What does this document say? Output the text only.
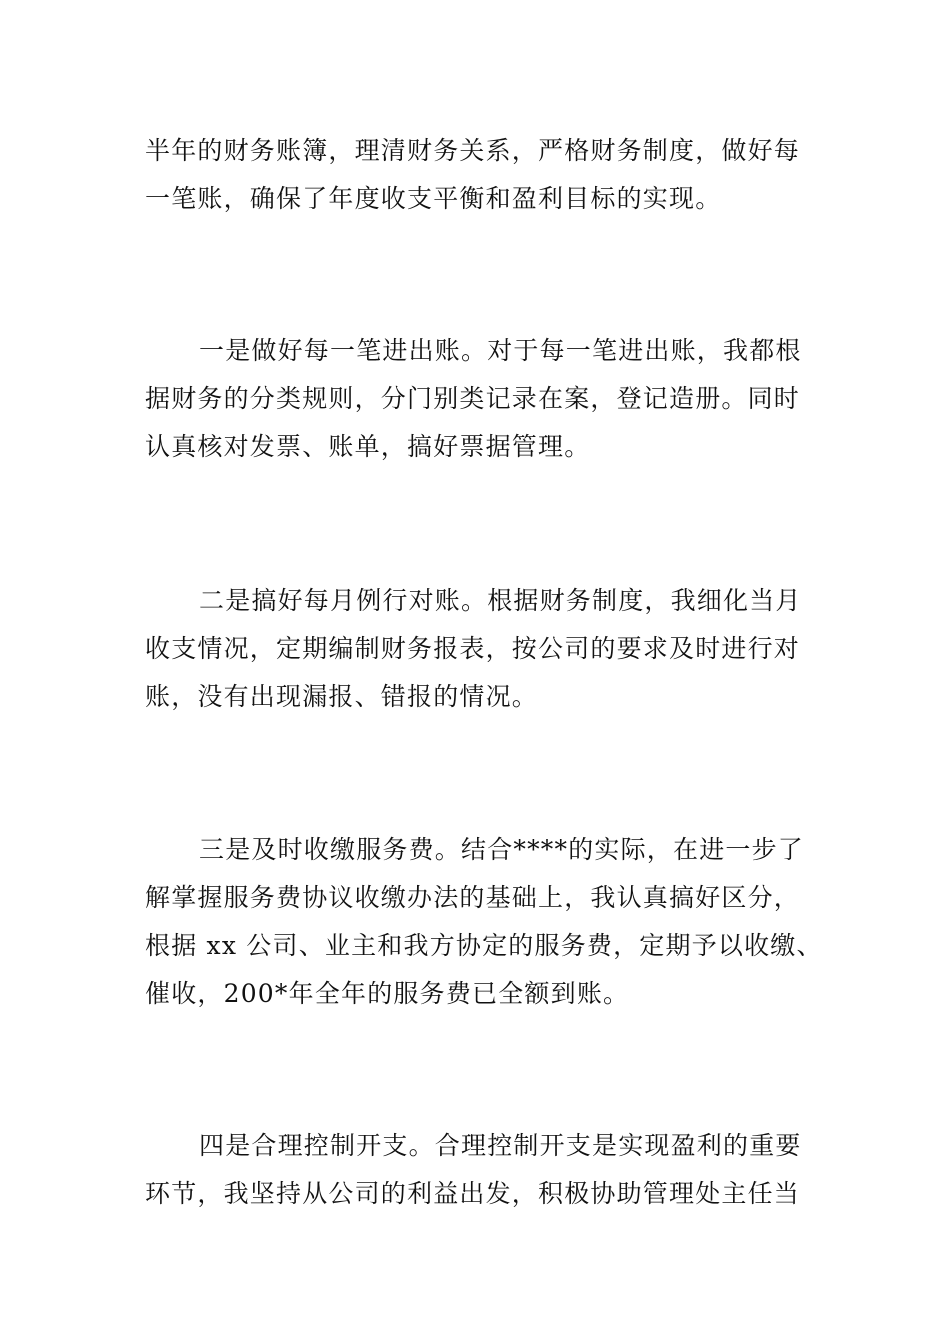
半年的财务账簿，理清财务关系，严格财务制度，做好每
一笔账，确保了年度收支平衡和盈利目标的实现。

一是做好每一笔进出账。对于每一笔进出账，我都根
据财务的分类规则，分门别类记录在案，登记造册。同时
认真核对发票、账单，搞好票据管理。

二是搞好每月例行对账。根据财务制度，我细化当月
收支情况，定期编制财务报表，按公司的要求及时进行对
账，没有出现漏报、错报的情况。

三是及时收缴服务费。结合****的实际，在进一步了
解掌握服务费协议收缴办法的基础上，我认真搞好区分，
根据 xx 公司、业主和我方协定的服务费，定期予以收缴、
催收，200*年全年的服务费已全额到账。

四是合理控制开支。合理控制开支是实现盈利的重要
环节，我坚持从公司的利益出发，积极协助管理处主任当
